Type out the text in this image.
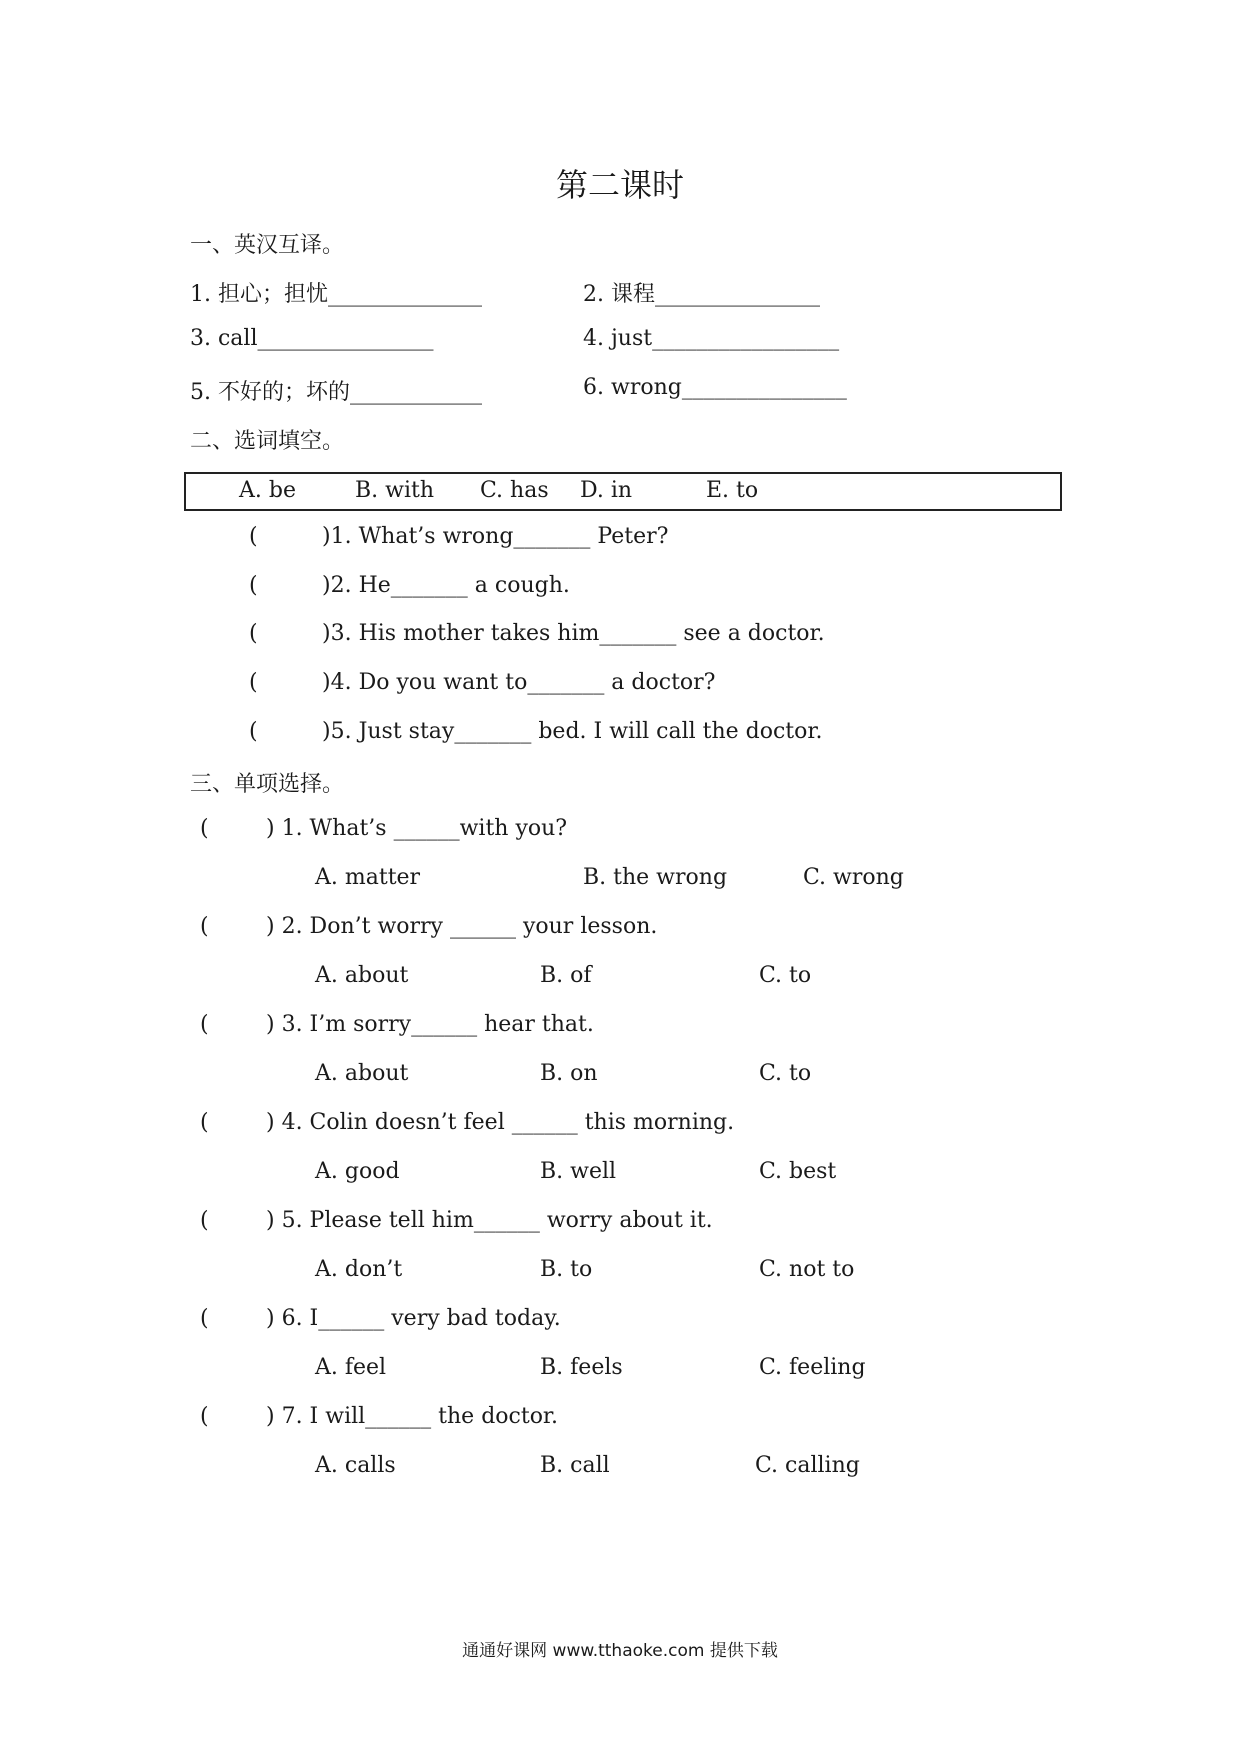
第二课时
一、英汉互译。
1. 担心；担忧______________	2. 课程_______________
3. call________________	4. just_________________
5. 不好的；坏的____________	6. wrong_______________
二、选词填空。
A. be	B. with C. has D. in	E. to
(	)1. What’s wrong_______ Peter?
(	)2. He_______ a cough.
(	)3. His mother takes him_______ see a doctor.
(	)4. Do you want to_______ a doctor?
(	)5. Just stay_______ bed. I will call the doctor.
三、单项选择。
(	) 1. What’s ______with you?
A. matter	B. the wrong	C. wrong
(	) 2. Don’t worry ______ your lesson.
A. about	B. of	C. to
(	) 3. I’m sorry______ hear that.
A. about	B. on	C. to
(	) 4. Colin doesn’t feel ______ this morning.
A. good	B. well	C. best
(	) 5. Please tell him______ worry about it.
A. don’t	B. to	C. not to
(	) 6. I______ very bad today.
A. feel	B. feels	C. feeling
(	) 7. I will______ the doctor.
A. calls	B. call	C. calling
通通好课网 www.tthaoke.com 提供下载
